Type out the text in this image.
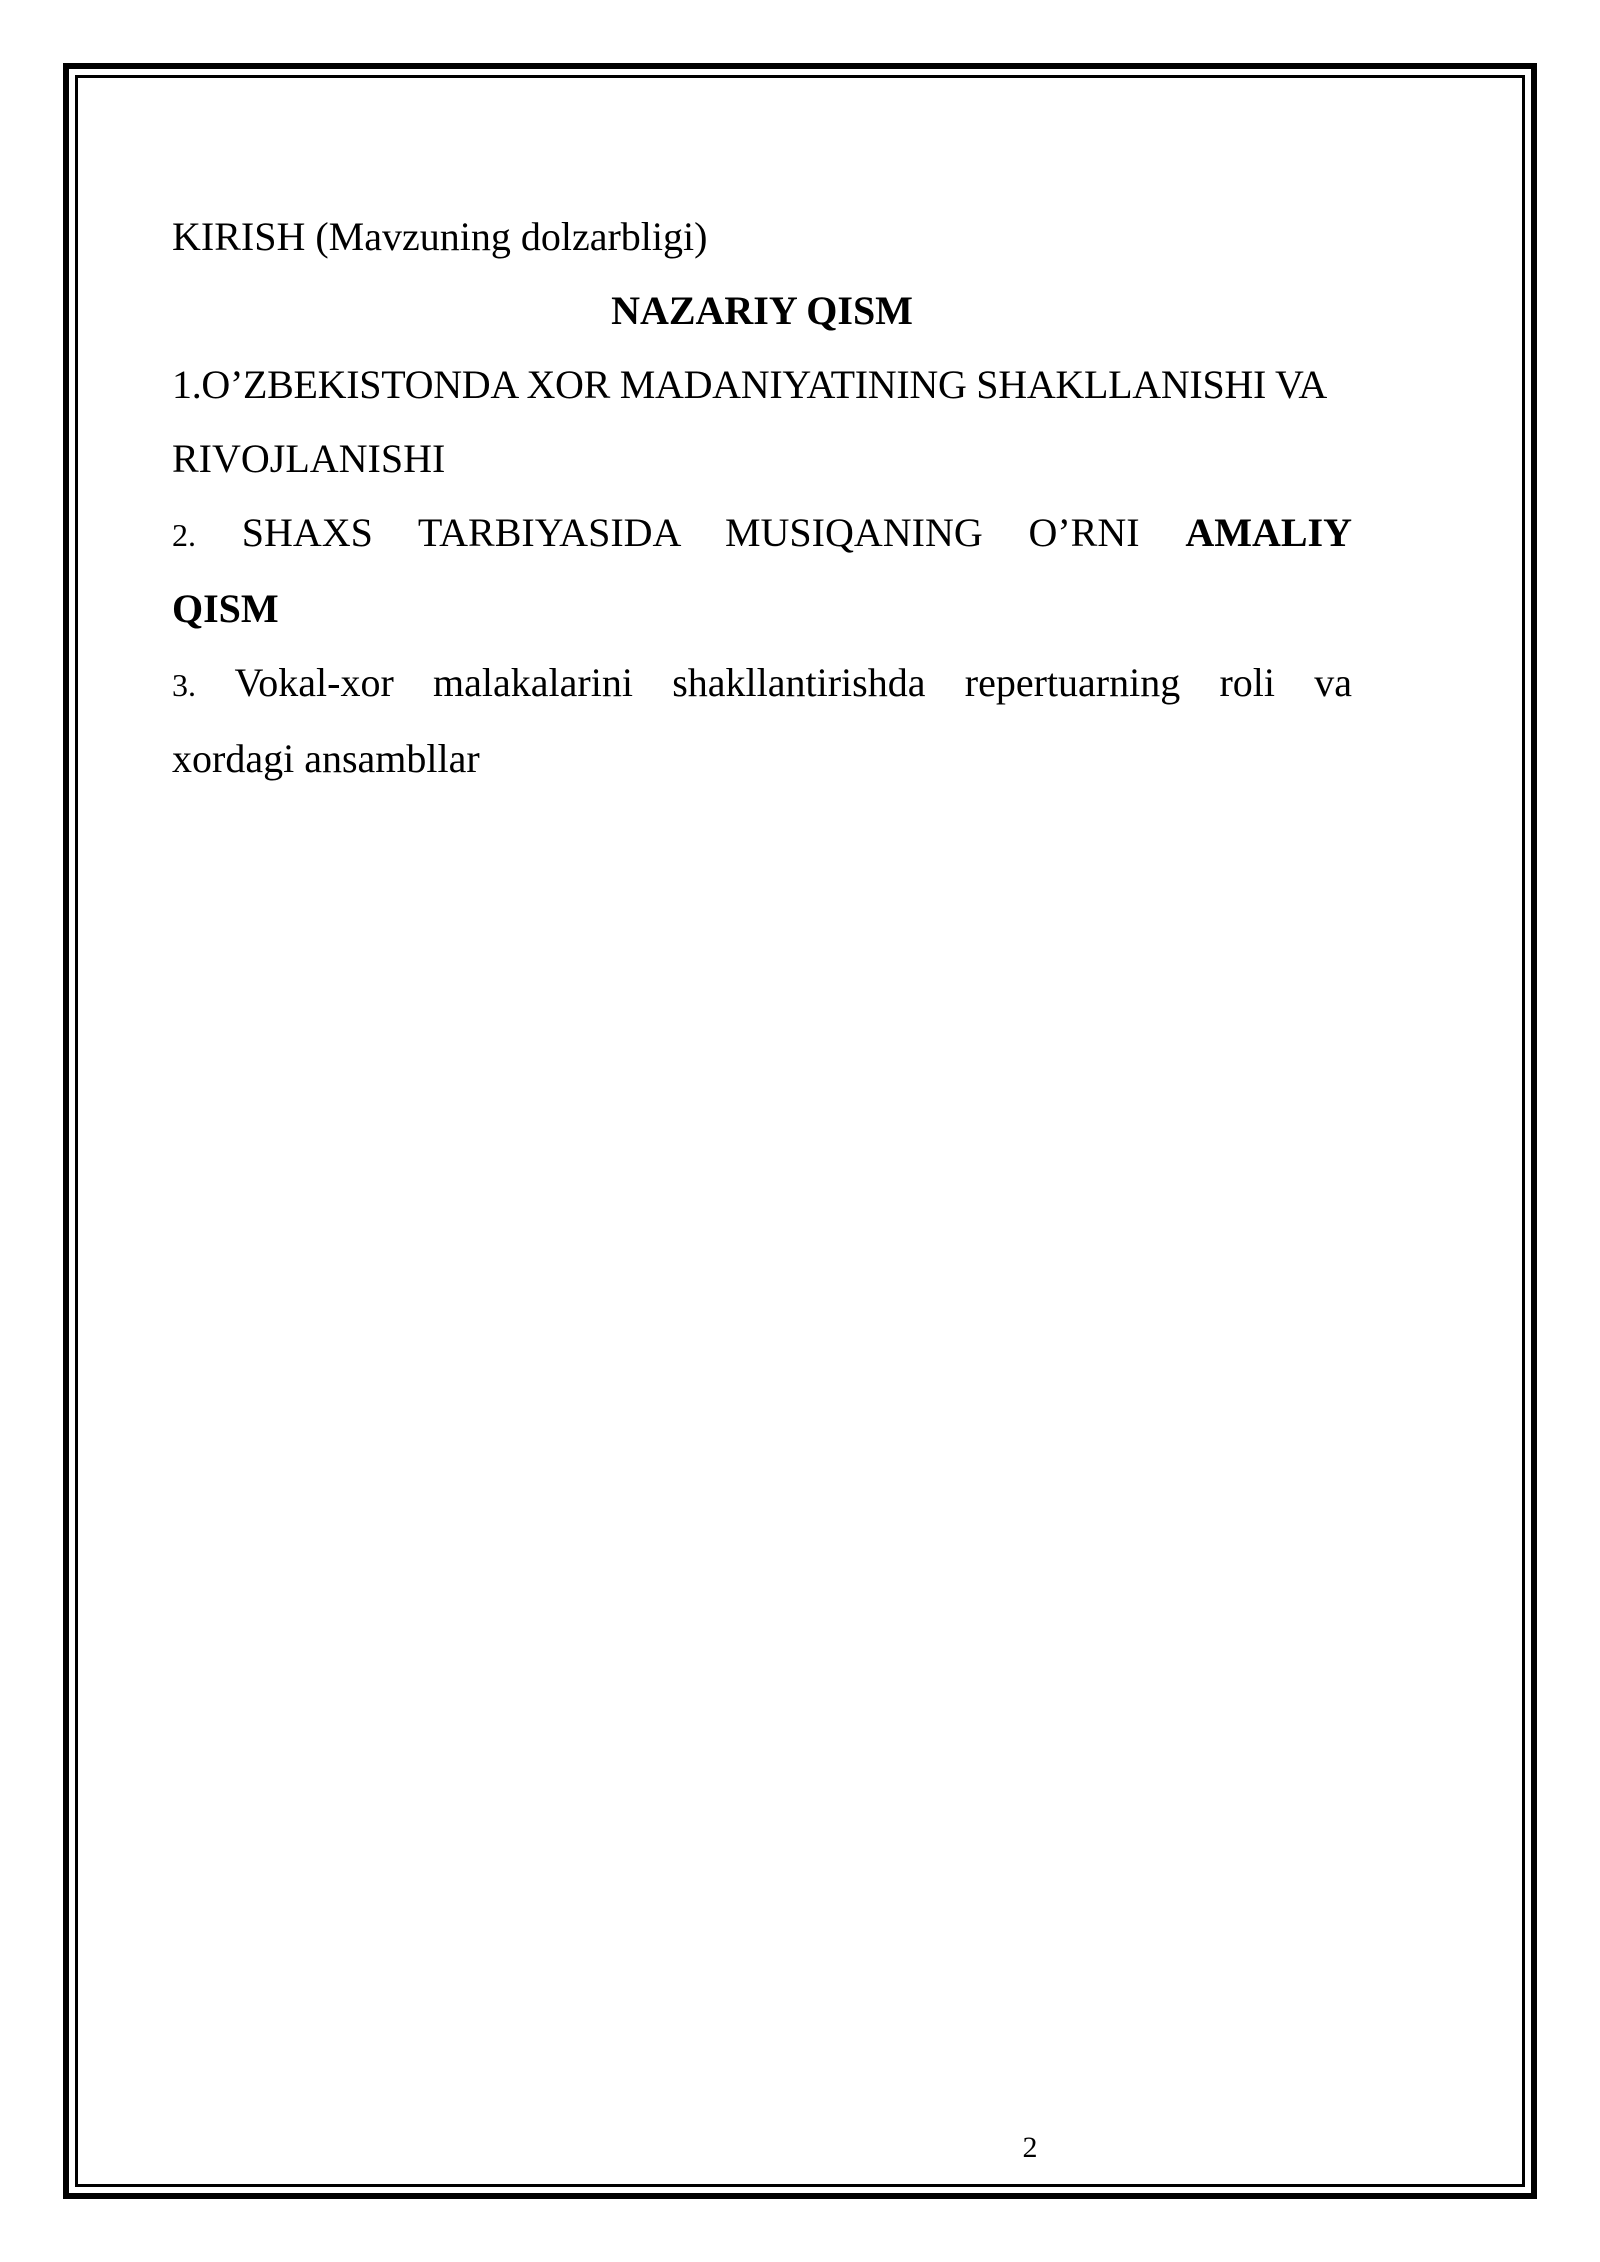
KIRISH (Mavzuning dolzarbligi)

NAZARIY QISM

1.O’ZBEKISTONDA XOR MADANIYATINING SHAKLLANISHI VA

RIVOJLANISHI

2. SHAXS TARBIYASIDA MUSIQANING O’RNI AMALIY

QISM

3. Vokal-xor malakalarini shakllantirishda repertuarning roli va

xordagi ansambllar

2
